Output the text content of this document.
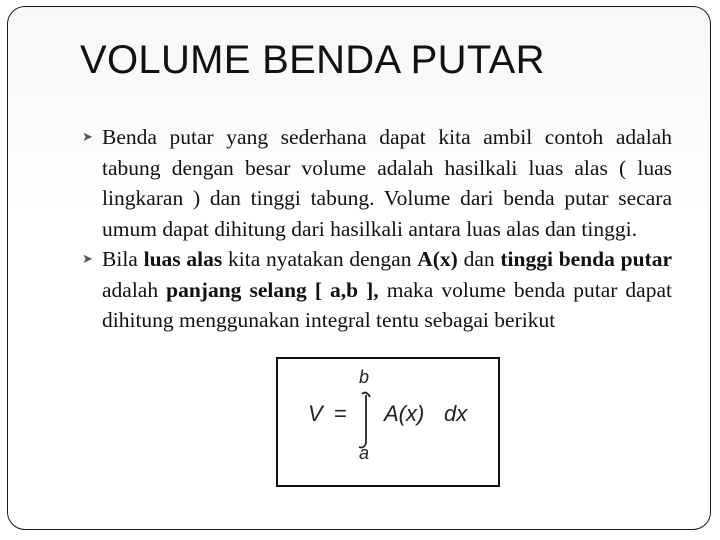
VOLUME BENDA PUTAR

➤ Benda putar yang sederhana dapat kita ambil contoh adalah tabung dengan besar volume adalah hasilkali luas alas ( luas lingkaran ) dan tinggi tabung. Volume dari benda putar secara umum dapat dihitung dari hasilkali antara luas alas dan tinggi.

➤ Bila luas alas kita nyatakan dengan A(x) dan tinggi benda putar adalah panjang selang [ a,b ], maka volume benda putar dapat dihitung menggunakan integral tentu sebagai berikut

V =
b
a
A(x) dx
